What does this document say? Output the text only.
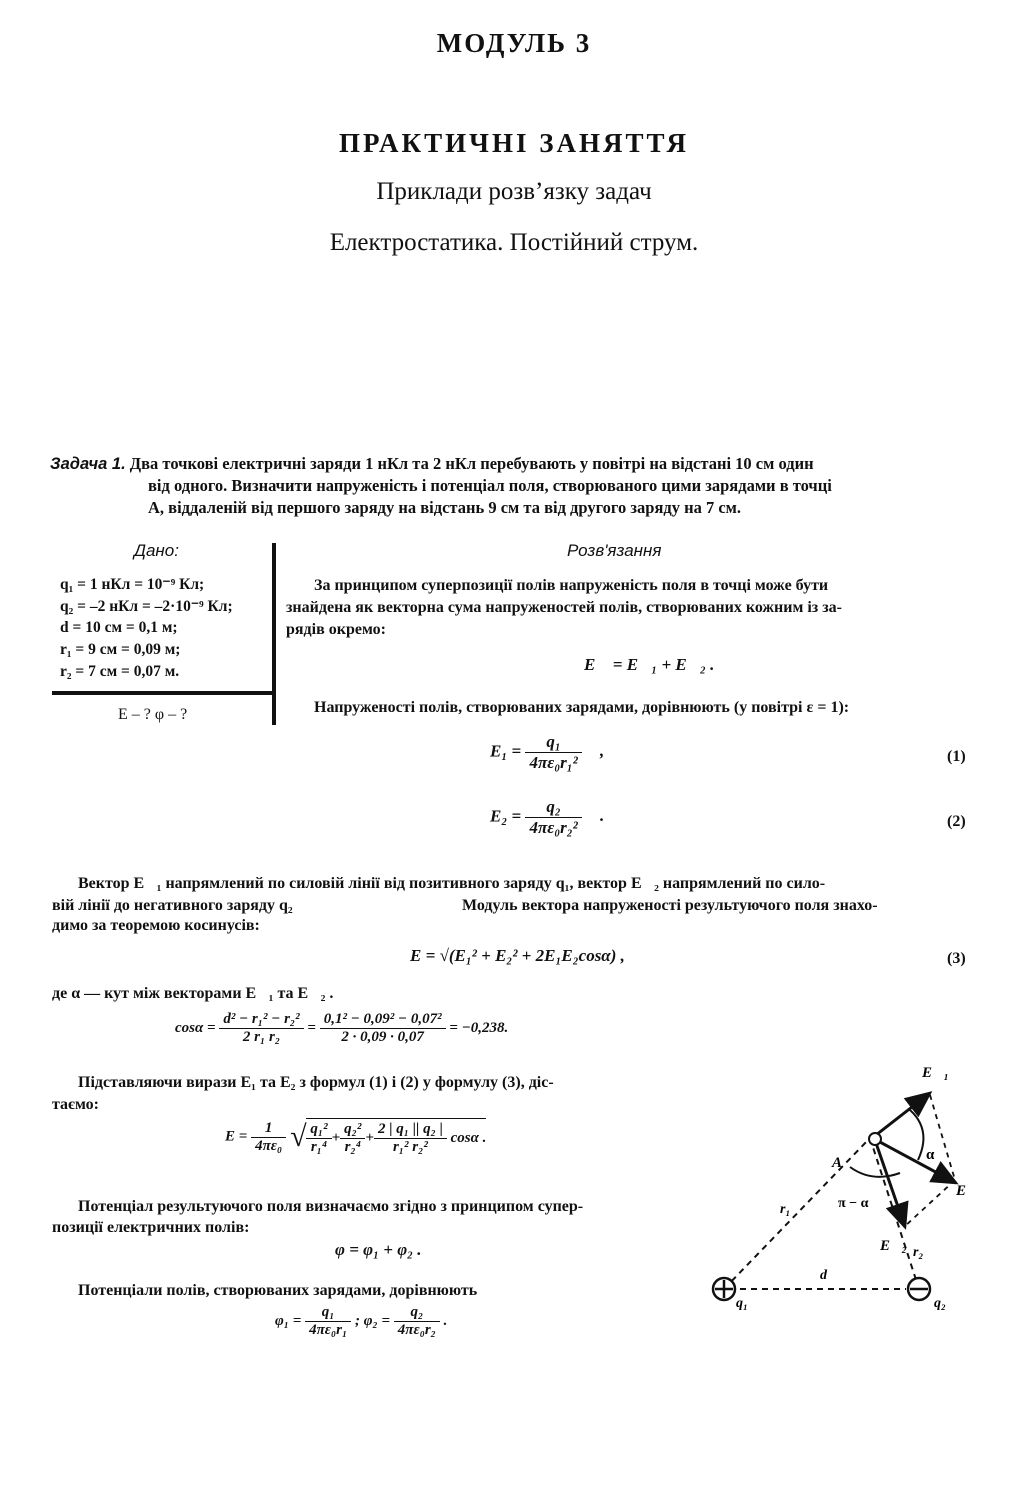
МОДУЛЬ 3
ПРАКТИЧНІ ЗАНЯТТЯ
Приклади розв’язку задач
Електростатика. Постійний струм.
Задача 1. Два точкові електричні заряди 1 нКл та 2 нКл перебувають у повітрі на відстані 10 см один
від одного. Визначити напруженість і потенціал поля, створюваного цими зарядами в точці
А, віддаленій від першого заряду на відстань 9 см та від другого заряду на 7 см.
Дано:
q₁ = 1 нКл = 10⁻⁹ Кл;
q₂ = –2 нКл = –2·10⁻⁹ Кл;
d = 10 см = 0,1 м;
r₁ = 9 см = 0,09 м;
r₂ = 7 см = 0,07 м.
E – ? φ – ?
Розв'язання
За принципом суперпозиції полів напруженість поля в точці може бути
знайдена як векторна сума напруженостей полів, створюваних кожним із за-
рядів окремо:
E⃗ = E⃗₁ + E⃗₂ .
Напруженості полів, створюваних зарядами, дорівнюють (у повітрі ε = 1):
$E_1 = \frac{\text{q₁}}{\text{4πε₀r₁²}}$ ,	(1)
$E_2 = \frac{\text{q₂}}{\text{4πε₀r₂²}}$ .	(2)
Вектор E⃗₁ напрямлений по силовій лінії від позитивного заряду q₁, вектор E⃗₂ напрямлений по сило-
вій лінії до негативного заряду q₂	Модуль вектора напруженості результуючого поля знахо-
димо за теоремою косинусів:
E = √(E₁² + E₂² + 2E₁E₂cosα) ,	(3)
де α — кут між векторами E⃗₁ та E⃗₂ .
$\cos\alpha = \frac{\text{d² − r₁² − r₂²}}{\text{2 r₁ r₂}} = \frac{\text{0,1² − 0,09² − 0,07²}}{2 \cdot 0,09 \cdot 0,07} = -0,238$.
Підставляючи вирази E₁ та E₂ з формул (1) і (2) у формулу (3), діс-
таємо:
$E = \frac{1}{\text{4πε₀}}$ √ $\frac{\text{q₁²}}{\text{r₁⁴}} + \frac{\text{q₂²}}{\text{r₂⁴}} + \frac{\text{2 | q₁ || q₂ |}}{\text{r₁² r₂²}}$ cosα .
Потенціал результуючого поля визначаємо згідно з принципом супер-
позиції електричних полів:
φ = φ₁ + φ₂ .
Потенціали полів, створюваних зарядами, дорівнюють
$\varphi_1 = \frac{\text{q₁}}{\text{4πε₀r₁}}$ ; $\varphi_2 = \frac{\text{q₂}}{\text{4πε₀r₂}}$ .
E⃗₁
E⃗₂
E⃗
A	α
π − α
r₁
r₂
d
q₁	q₂
